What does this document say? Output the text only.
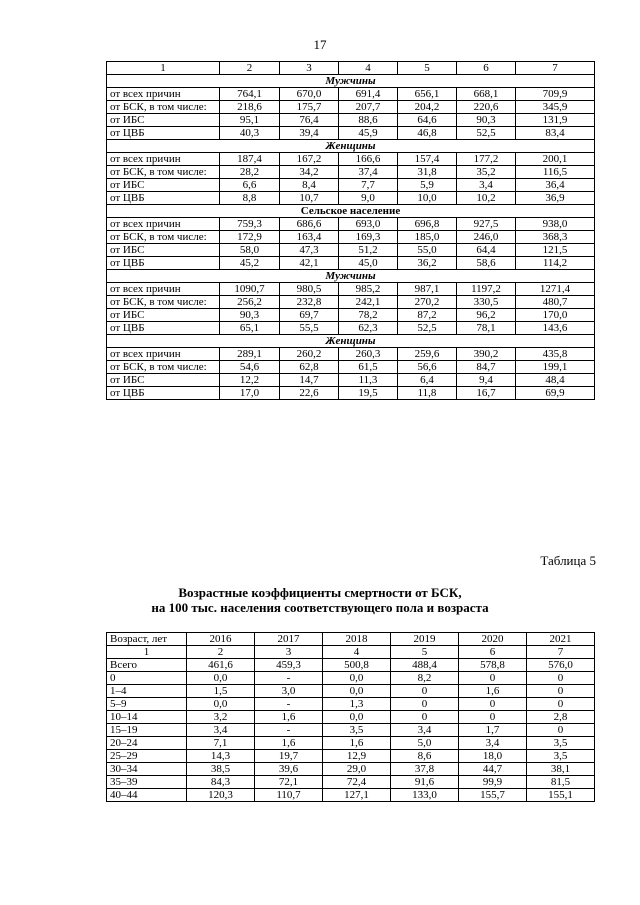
17
1	2	3	4	5	6	7
Мужчины						
от всех причин	764,1	670,0	691,4	656,1	668,1	709,9
от БСК, в том числе:	218,6	175,7	207,7	204,2	220,6	345,9
от ИБС	95,1	76,4	88,6	64,6	90,3	131,9
от ЦВБ	40,3	39,4	45,9	46,8	52,5	83,4
Женщины						
от всех причин	187,4	167,2	166,6	157,4	177,2	200,1
от БСК, в том числе:	28,2	34,2	37,4	31,8	35,2	116,5
от ИБС	6,6	8,4	7,7	5,9	3,4	36,4
от ЦВБ	8,8	10,7	9,0	10,0	10,2	36,9
Сельское население						
от всех причин	759,3	686,6	693,0	696,8	927,5	938,0
от БСК, в том числе:	172,9	163,4	169,3	185,0	246,0	368,3
от ИБС	58,0	47,3	51,2	55,0	64,4	121,5
от ЦВБ	45,2	42,1	45,0	36,2	58,6	114,2
Мужчины						
от всех причин	1090,7	980,5	985,2	987,1	1197,2	1271,4
от БСК, в том числе:	256,2	232,8	242,1	270,2	330,5	480,7
от ИБС	90,3	69,7	78,2	87,2	96,2	170,0
от ЦВБ	65,1	55,5	62,3	52,5	78,1	143,6
Женщины						
от всех причин	289,1	260,2	260,3	259,6	390,2	435,8
от БСК, в том числе:	54,6	62,8	61,5	56,6	84,7	199,1
от ИБС	12,2	14,7	11,3	6,4	9,4	48,4
от ЦВБ	17,0	22,6	19,5	11,8	16,7	69,9
Таблица 5
Возрастные коэффициенты смертности от БСК,
на 100 тыс. населения соответствующего пола и возраста
Возраст, лет	2016	2017	2018	2019	2020	2021
1	2	3	4	5	6	7
Всего	461,6	459,3	500,8	488,4	578,8	576,0
0	0,0	-	0,0	8,2	0	0
1–4	1,5	3,0	0,0	0	1,6	0
5–9	0,0	-	1,3	0	0	0
10–14	3,2	1,6	0,0	0	0	2,8
15–19	3,4	-	3,5	3,4	1,7	0
20–24	7,1	1,6	1,6	5,0	3,4	3,5
25–29	14,3	19,7	12,9	8,6	18,0	3,5
30–34	38,5	39,6	29,0	37,8	44,7	38,1
35–39	84,3	72,1	72,4	91,6	99,9	81,5
40–44	120,3	110,7	127,1	133,0	155,7	155,1
